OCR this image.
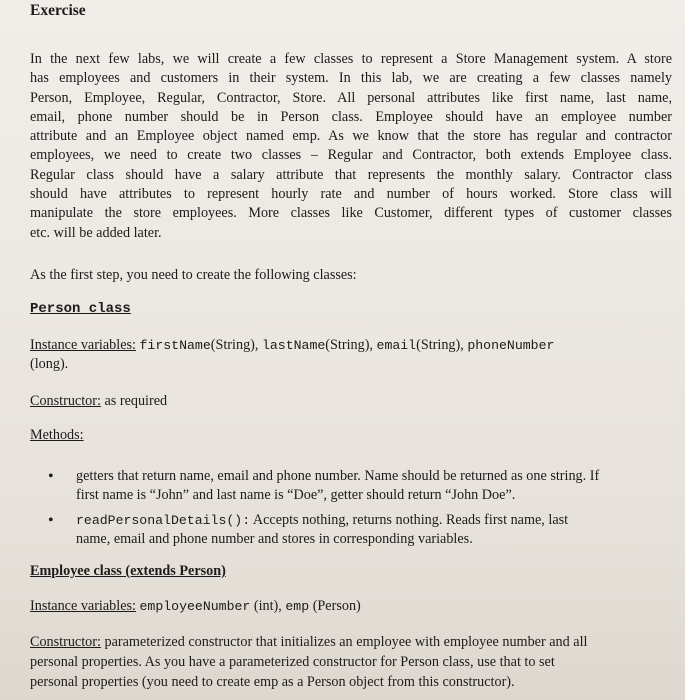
Exercise
In the next few labs, we will create a few classes to represent a Store Management system. A store
has employees and customers in their system. In this lab, we are creating a few classes namely
Person, Employee, Regular, Contractor, Store. All personal attributes like first name, last name,
email, phone number should be in Person class. Employee should have an employee number
attribute and an Employee object named emp. As we know that the store has regular and contractor
employees, we need to create two classes – Regular and Contractor, both extends Employee class.
Regular class should have a salary attribute that represents the monthly salary. Contractor class
should have attributes to represent hourly rate and number of hours worked. Store class will
manipulate the store employees. More classes like Customer, different types of customer classes
etc. will be added later.
As the first step, you need to create the following classes:
Person class
Instance variables: firstName(String), lastName(String), email(String), phoneNumber
(long).
Constructor: as required
Methods:
• getters that return name, email and phone number. Name should be returned as one string. If
first name is “John” and last name is “Doe”, getter should return “John Doe”.
• readPersonalDetails(): Accepts nothing, returns nothing. Reads first name, last
name, email and phone number and stores in corresponding variables.
Employee class (extends Person)
Instance variables: employeeNumber (int), emp (Person)
Constructor: parameterized constructor that initializes an employee with employee number and all
personal properties. As you have a parameterized constructor for Person class, use that to set
personal properties (you need to create emp as a Person object from this constructor).
